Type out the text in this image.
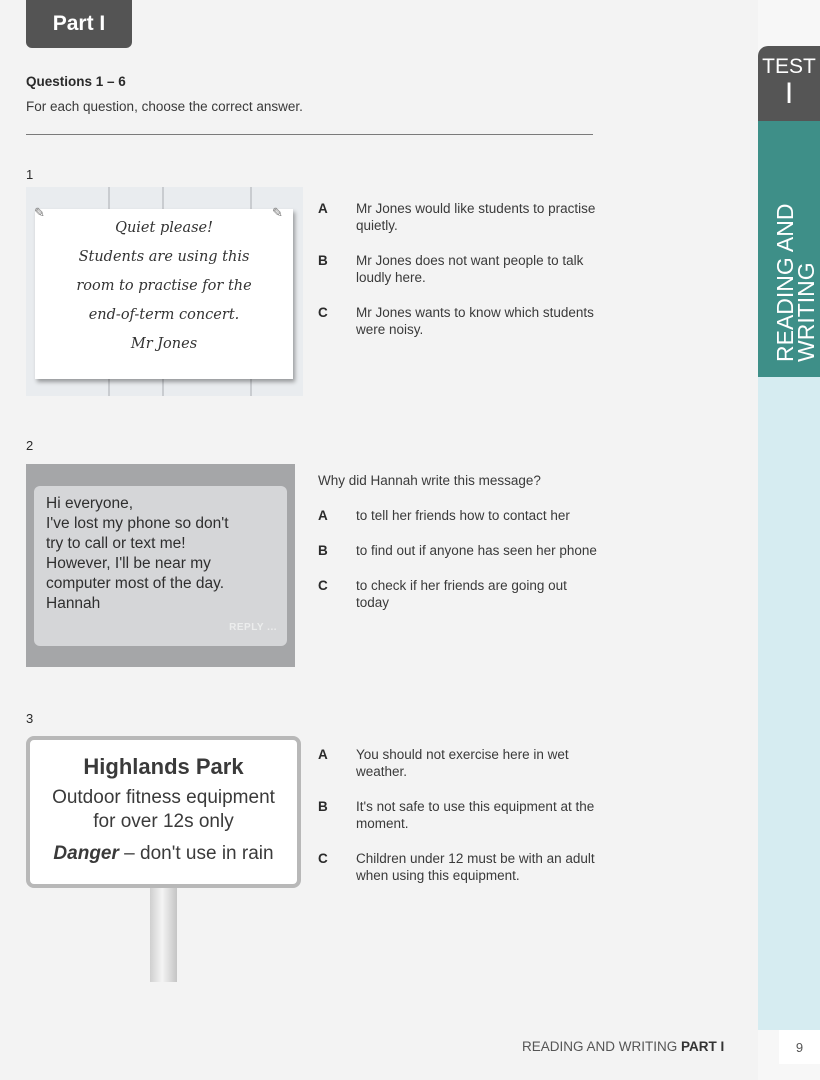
Part I
Questions 1 – 6
For each question, choose the correct answer.
1
Quiet please!
Students are using this
room to practise for the
end-of-term concert.
Mr Jones
✎	✎	A	Mr Jones would like students to practise quietly.
B	Mr Jones does not want people to talk loudly here.
C	Mr Jones wants to know which students were noisy.
2
Hi everyone,
I've lost my phone so don't
try to call or text me!
However, I'll be near my
computer most of the day.
Hannah
REPLY ...
Why did Hannah write this message?
A	to tell her friends how to contact her
B	to find out if anyone has seen her phone
C	to check if her friends are going out today
3
Highlands Park
Outdoor fitness equipment
for over 12s only
Danger – don't use in rain
A	You should not exercise here in wet weather.
B	It's not safe to use this equipment at the moment.
C	Children under 12 must be with an adult when using this equipment.
TEST
I
READING AND
WRITING
9
READING AND WRITING PART I
